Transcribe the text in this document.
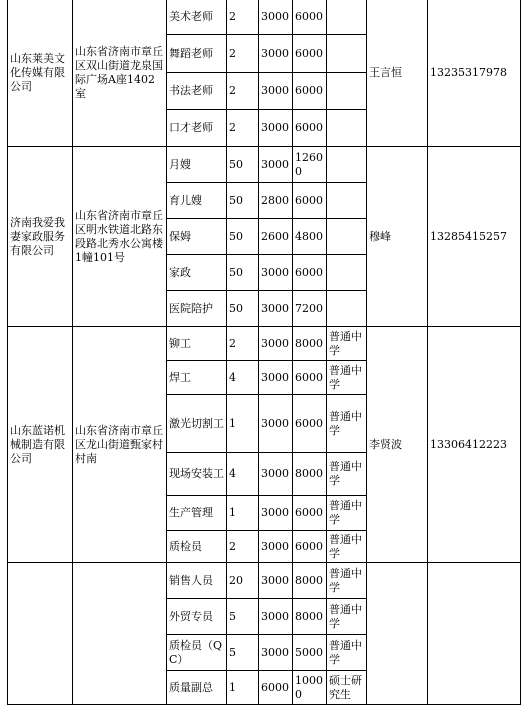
山东莱美文化传媒有限公司	山东省济南市章丘区双山街道龙泉国际广场A座1402室	美术老师	2	3000	6000		王言恒	13235317978
		舞蹈老师	2	3000	6000			
		书法老师	2	3000	6000			
		口才老师	2	3000	6000			
济南我爱我妻家政服务有限公司	山东省济南市章丘区明水铁道北路东段路北秀水公寓楼1幢101号	月嫂	50	3000	12600		穆峰	13285415257
		育儿嫂	50	2800	6000			
		保姆	50	2600	4800			
		家政	50	3000	6000			
		医院陪护	50	3000	7200			
山东蓝诺机械制造有限公司	山东省济南市章丘区龙山街道甄家村村南	铆工	2	3000	8000	普通中学	李贤波	13306412223
		焊工	4	3000	6000	普通中学		
		激光切割工	1	3000	6000	普通中学		
		现场安装工	4	3000	8000	普通中学		
		生产管理	1	3000	6000	普通中学		
		质检员	2	3000	6000	普通中学		
		销售人员	20	3000	8000	普通中学		
		外贸专员	5	3000	8000	普通中学		
		质检员（QC）	5	3000	5000	普通中学		
		质量副总	1	6000	10000	硕士研究生		
